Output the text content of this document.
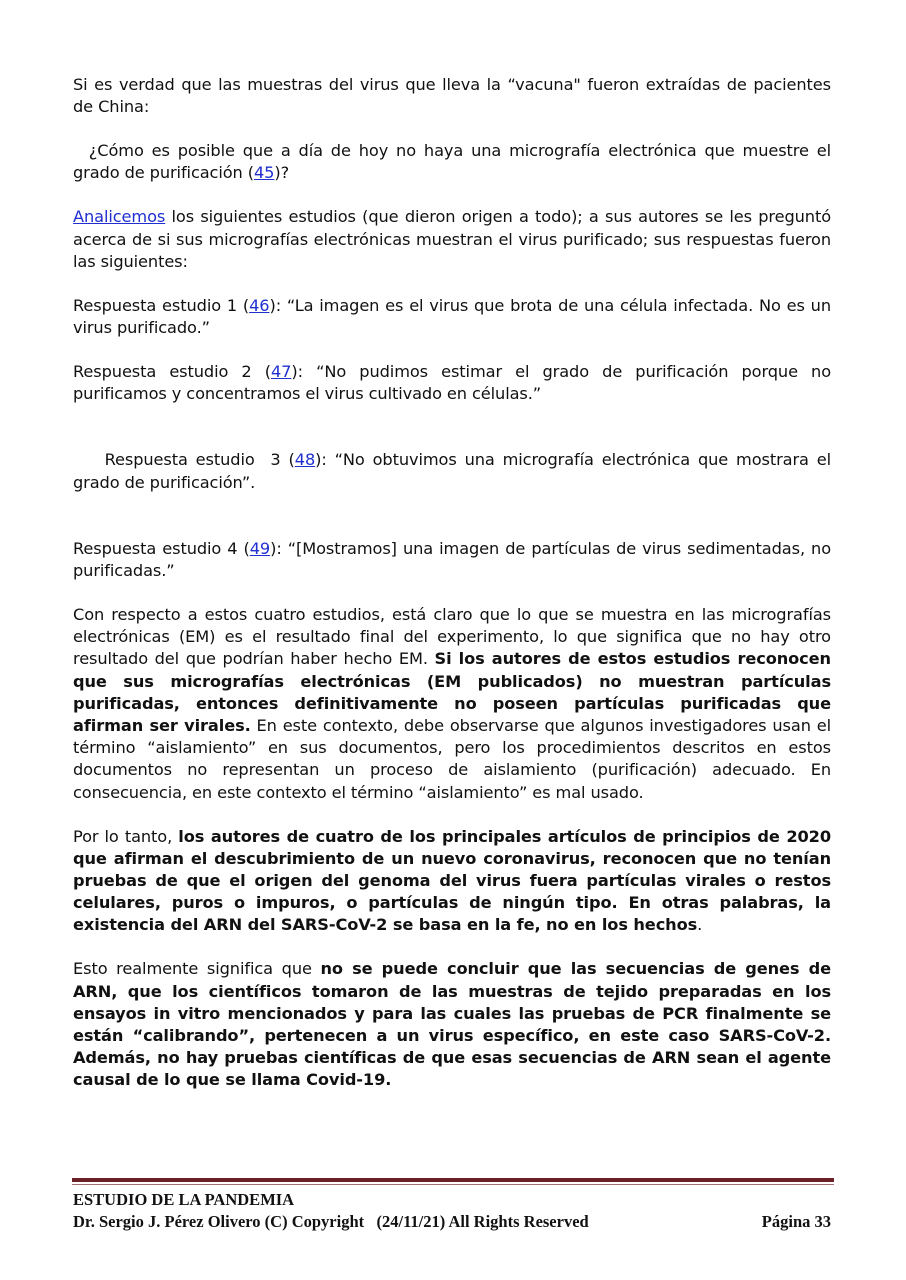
Si es verdad que las muestras del virus que lleva la “vacuna" fueron extraídas de pacientes de China:

¿Cómo es posible que a día de hoy no haya una micrografía electrónica que muestre el grado de purificación (45)?

Analicemos los siguientes estudios (que dieron origen a todo); a sus autores se les preguntó acerca de si sus micrografías electrónicas muestran el virus purificado; sus respuestas fueron las siguientes:

Respuesta estudio 1 (46): “La imagen es el virus que brota de una célula infectada. No es un virus purificado.”

Respuesta estudio 2 (47): “No pudimos estimar el grado de purificación porque no purificamos y concentramos el virus cultivado en células.”

Respuesta estudio  3 (48): “No obtuvimos una micrografía electrónica que mostrara el grado de purificación”.

Respuesta estudio 4 (49): “[Mostramos] una imagen de partículas de virus sedimentadas, no purificadas.”

Con respecto a estos cuatro estudios, está claro que lo que se muestra en las micrografías electrónicas (EM) es el resultado final del experimento, lo que significa que no hay otro resultado del que podrían haber hecho EM. Si los autores de estos estudios reconocen que sus micrografías electrónicas (EM publicados) no muestran partículas purificadas, entonces definitivamente no poseen partículas purificadas que afirman ser virales. En este contexto, debe observarse que algunos investigadores usan el término “aislamiento” en sus documentos, pero los procedimientos descritos en estos documentos no representan un proceso de aislamiento (purificación) adecuado. En consecuencia, en este contexto el término “aislamiento” es mal usado.

Por lo tanto, los autores de cuatro de los principales artículos de principios de 2020 que afirman el descubrimiento de un nuevo coronavirus, reconocen que no tenían pruebas de que el origen del genoma del virus fuera partículas virales o restos celulares, puros o impuros, o partículas de ningún tipo. En otras palabras, la existencia del ARN del SARS-CoV-2 se basa en la fe, no en los hechos.

Esto realmente significa que no se puede concluir que las secuencias de genes de ARN, que los científicos tomaron de las muestras de tejido preparadas en los ensayos in vitro mencionados y para las cuales las pruebas de PCR finalmente se están “calibrando”, pertenecen a un virus específico, en este caso SARS-CoV-2. Además, no hay pruebas científicas de que esas secuencias de ARN sean el agente causal de lo que se llama Covid-19.

ESTUDIO DE LA PANDEMIA
Dr. Sergio J. Pérez Olivero (C) Copyright   (24/11/21) All Rights Reserved	Página 33
